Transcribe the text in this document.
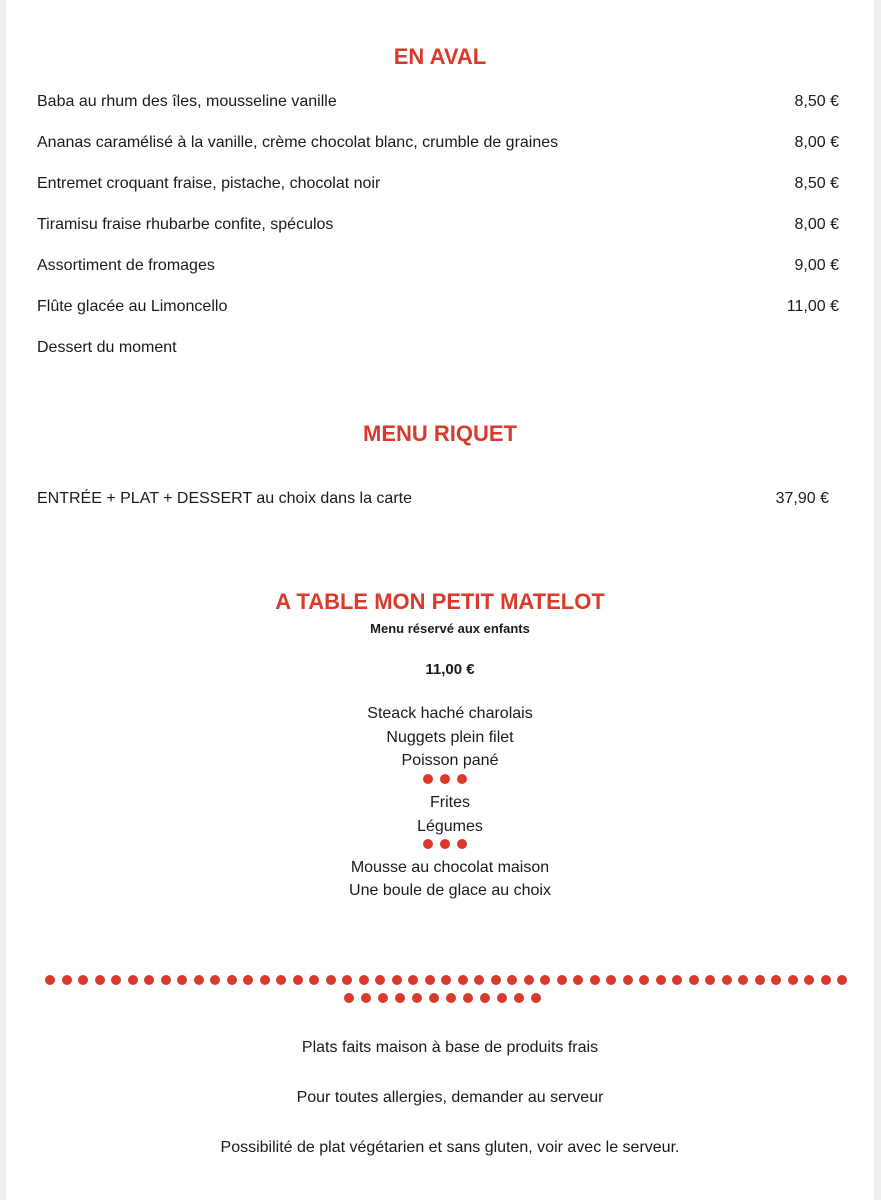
EN AVAL
Baba au rhum des îles, mousseline vanille	8,50 €
Ananas caramélisé à la vanille, crème chocolat blanc, crumble de graines	8,00 €
Entremet croquant fraise, pistache, chocolat noir	8,50 €
Tiramisu fraise rhubarbe confite, spéculos	8,00 €
Assortiment de fromages	9,00 €
Flûte glacée au Limoncello	11,00 €
Dessert du moment
MENU RIQUET
ENTRÉE + PLAT + DESSERT au choix dans la carte	37,90 €
A TABLE MON PETIT MATELOT
Menu réservé aux enfants
11,00 €
Steack haché charolais
Nuggets plein filet
Poisson pané
Frites
Légumes
Mousse au chocolat maison
Une boule de glace au choix
Plats faits maison à base de produits frais
Pour toutes allergies, demander au serveur
Possibilité de plat végétarien et sans gluten, voir avec le serveur.
